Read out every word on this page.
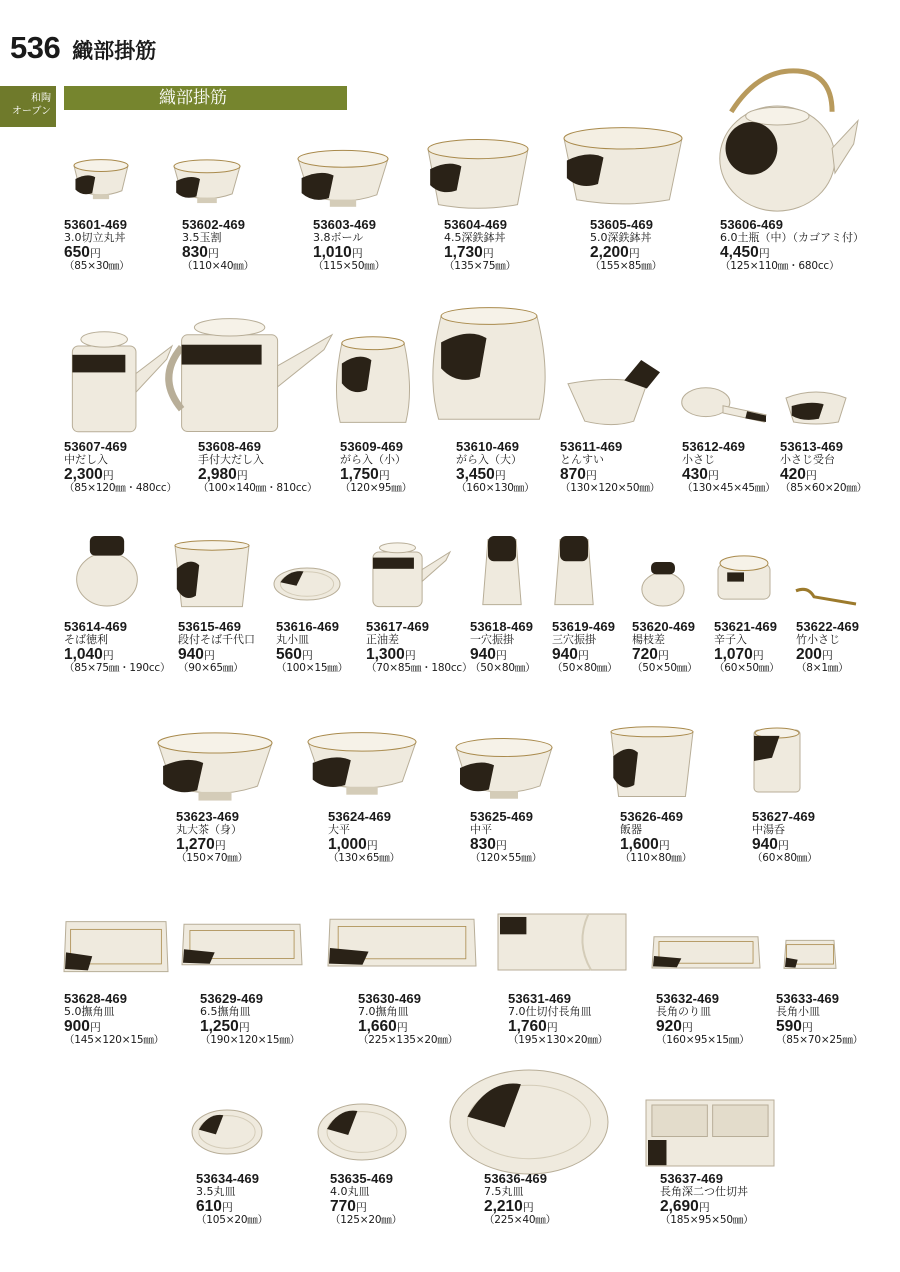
536 織部掛筋
和陶
オーブン
織部掛筋
53601-469
3.0切立丸丼
650円
（85×30㎜）
53602-469
3.5玉割
830円
（110×40㎜）
53603-469
3.8ボール
1,010円
（115×50㎜）
53604-469
4.5深鉄鉢丼
1,730円
（135×75㎜）
53605-469
5.0深鉄鉢丼
2,200円
（155×85㎜）
53606-469
6.0土瓶（中）（カゴアミ付）
4,450円
（125×110㎜・680cc）
53607-469
中だし入
2,300円
（85×120㎜・480cc）
53608-469
手付大だし入
2,980円
（100×140㎜・810cc）
53609-469
がら入（小）
1,750円
（120×95㎜）
53610-469
がら入（大）
3,450円
（160×130㎜）
53611-469
とんすい
870円
（130×120×50㎜）
53612-469
小さじ
430円
（130×45×45㎜）
53613-469
小さじ受台
420円
（85×60×20㎜）
53614-469
そば徳利
1,040円
（85×75㎜・190cc）
53615-469
段付そば千代口
940円
（90×65㎜）
53616-469
丸小皿
560円
（100×15㎜）
53617-469
正油差
1,300円
（70×85㎜・180cc）
53618-469
一穴振掛
940円
（50×80㎜）
53619-469
三穴振掛
940円
（50×80㎜）
53620-469
楊枝差
720円
（50×50㎜）
53621-469
辛子入
1,070円
（60×50㎜）
53622-469
竹小さじ
200円
（8×1㎜）
53623-469
丸大茶（身）
1,270円
（150×70㎜）
53624-469
大平
1,000円
（130×65㎜）
53625-469
中平
830円
（120×55㎜）
53626-469
飯器
1,600円
（110×80㎜）
53627-469
中湯呑
940円
（60×80㎜）
53628-469
5.0撫角皿
900円
（145×120×15㎜）
53629-469
6.5撫角皿
1,250円
（190×120×15㎜）
53630-469
7.0撫角皿
1,660円
（225×135×20㎜）
53631-469
7.0仕切付長角皿
1,760円
（195×130×20㎜）
53632-469
長角のり皿
920円
（160×95×15㎜）
53633-469
長角小皿
590円
（85×70×25㎜）
53634-469
3.5丸皿
610円
（105×20㎜）
53635-469
4.0丸皿
770円
（125×20㎜）
53636-469
7.5丸皿
2,210円
（225×40㎜）
53637-469
長角深二つ仕切丼
2,690円
（185×95×50㎜）
